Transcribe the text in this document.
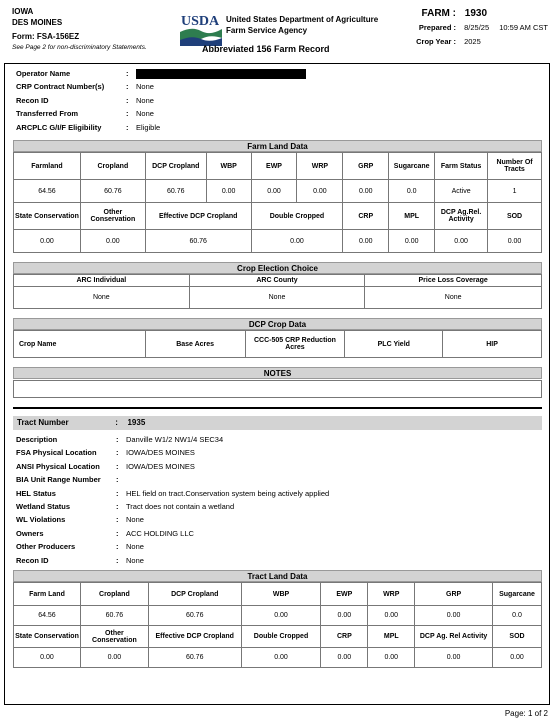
IOWA
DES MOINES
Form: FSA-156EZ
See Page 2 for non-discriminatory Statements.
USDA United States Department of Agriculture
Farm Service Agency
Abbreviated 156 Farm Record
FARM : 1930
Prepared : 8/25/25 10:59 AM CST
Crop Year : 2025
Operator Name	:
CRP Contract Number(s)	:	None
Recon ID	:	None
Transferred From	:	None
ARCPLC G/I/F Eligibility	:	Eligible
Farm Land Data
Farmland	Cropland	DCP Cropland	WBP	EWP	WRP	GRP	Sugarcane	Farm Status	Number Of Tracts
64.56	60.76	60.76	0.00	0.00	0.00	0.00	0.0	Active	1
State Conservation	Other Conservation	Effective DCP Cropland		Double Cropped		CRP	MPL	DCP Ag.Rel. Activity	SOD
0.00	0.00	60.76		0.00		0.00	0.00	0.00	0.00
Crop Election Choice
ARC Individual	ARC County	Price Loss Coverage
None	None	None
DCP Crop Data
Crop Name	Base Acres	CCC-505 CRP Reduction Acres	PLC Yield	HIP
NOTES
Tract Number	: 1935
Description	:	Danville W1/2 NW1/4 SEC34
FSA Physical Location	:	IOWA/DES MOINES
ANSI Physical Location	:	IOWA/DES MOINES
BIA Unit Range Number	:
HEL Status	:	HEL field on tract.Conservation system being actively applied
Wetland Status	:	Tract does not contain a wetland
WL Violations	:	None
Owners	:	ACC HOLDING LLC
Other Producers	:	None
Recon ID	:	None
Tract Land Data
Farm Land	Cropland	DCP Cropland	WBP	EWP	WRP	GRP	Sugarcane
64.56	60.76	60.76	0.00	0.00	0.00	0.00	0.0
State Conservation	Other Conservation	Effective DCP Cropland	Double Cropped	CRP	MPL	DCP Ag. Rel Activity	SOD
0.00	0.00	60.76	0.00	0.00	0.00	0.00	0.00
Page: 1 of 2
